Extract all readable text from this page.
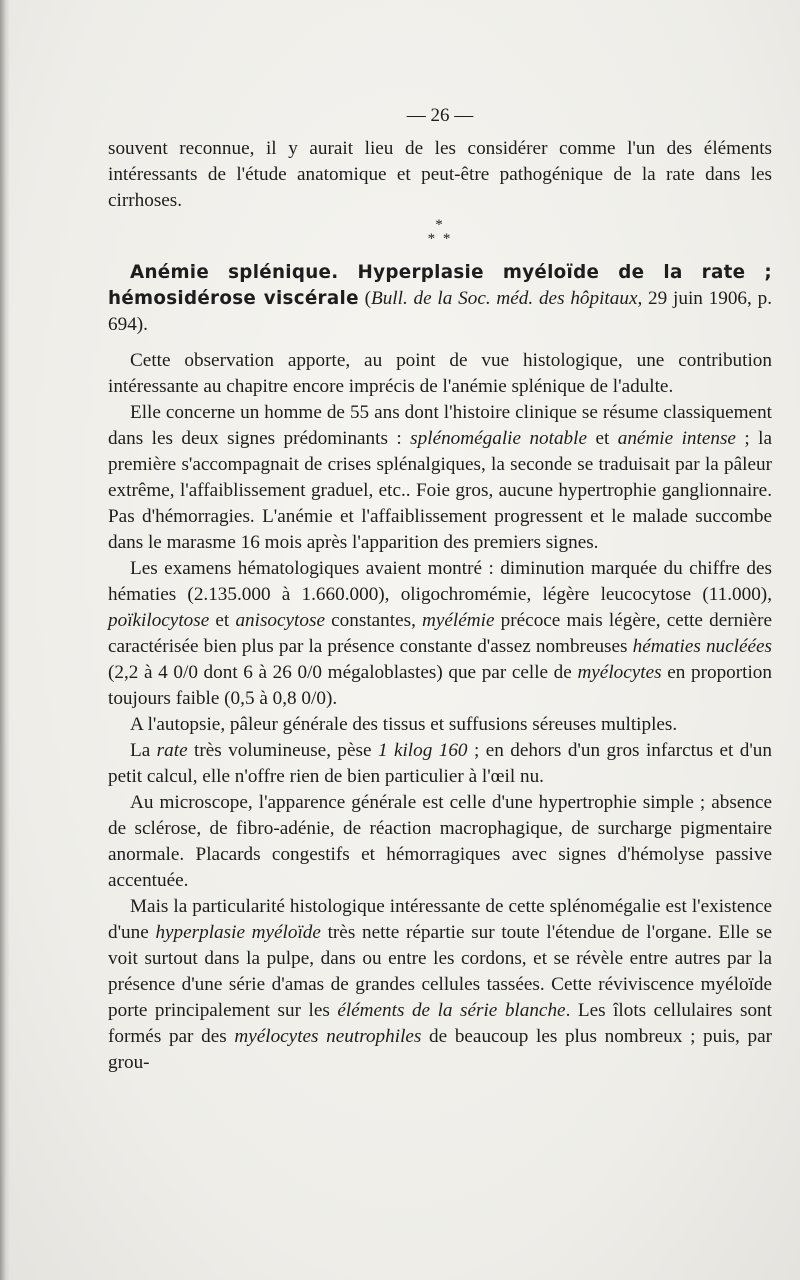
— 26 —

souvent reconnue, il y aurait lieu de les considérer comme l'un des éléments intéressants de l'étude anatomique et peut-être pathogénique de la rate dans les cirrhoses.

*
* *

Anémie splénique. Hyperplasie myéloïde de la rate ; hémosidérose viscérale (Bull. de la Soc. méd. des hôpitaux, 29 juin 1906, p. 694).

Cette observation apporte, au point de vue histologique, une contribution intéressante au chapitre encore imprécis de l'anémie splénique de l'adulte.

Elle concerne un homme de 55 ans dont l'histoire clinique se résume classiquement dans les deux signes prédominants : splénomégalie notable et anémie intense ; la première s'accompagnait de crises splénalgiques, la seconde se traduisait par la pâleur extrême, l'affaiblissement graduel, etc.. Foie gros, aucune hypertrophie ganglionnaire. Pas d'hémorragies. L'anémie et l'affaiblissement progressent et le malade succombe dans le marasme 16 mois après l'apparition des premiers signes.

Les examens hématologiques avaient montré : diminution marquée du chiffre des hématies (2.135.000 à 1.660.000), oligochromémie, légère leucocytose (11.000), poïkilocytose et anisocytose constantes, myélémie précoce mais légère, cette dernière caractérisée bien plus par la présence constante d'assez nombreuses hématies nucléées (2,2 à 4 0/0 dont 6 à 26 0/0 mégaloblastes) que par celle de myélocytes en proportion toujours faible (0,5 à 0,8 0/0).

A l'autopsie, pâleur générale des tissus et suffusions séreuses multiples.

La rate très volumineuse, pèse 1 kilog 160 ; en dehors d'un gros infarctus et d'un petit calcul, elle n'offre rien de bien particulier à l'œil nu.

Au microscope, l'apparence générale est celle d'une hypertrophie simple ; absence de sclérose, de fibro-adénie, de réaction macrophagique, de surcharge pigmentaire anormale. Placards congestifs et hémorragiques avec signes d'hémolyse passive accentuée.

Mais la particularité histologique intéressante de cette splénomégalie est l'existence d'une hyperplasie myéloïde très nette répartie sur toute l'étendue de l'organe. Elle se voit surtout dans la pulpe, dans ou entre les cordons, et se révèle entre autres par la présence d'une série d'amas de grandes cellules tassées. Cette réviviscence myéloïde porte principalement sur les éléments de la série blanche. Les îlots cellulaires sont formés par des myélocytes neutrophiles de beaucoup les plus nombreux ; puis, par grou-
